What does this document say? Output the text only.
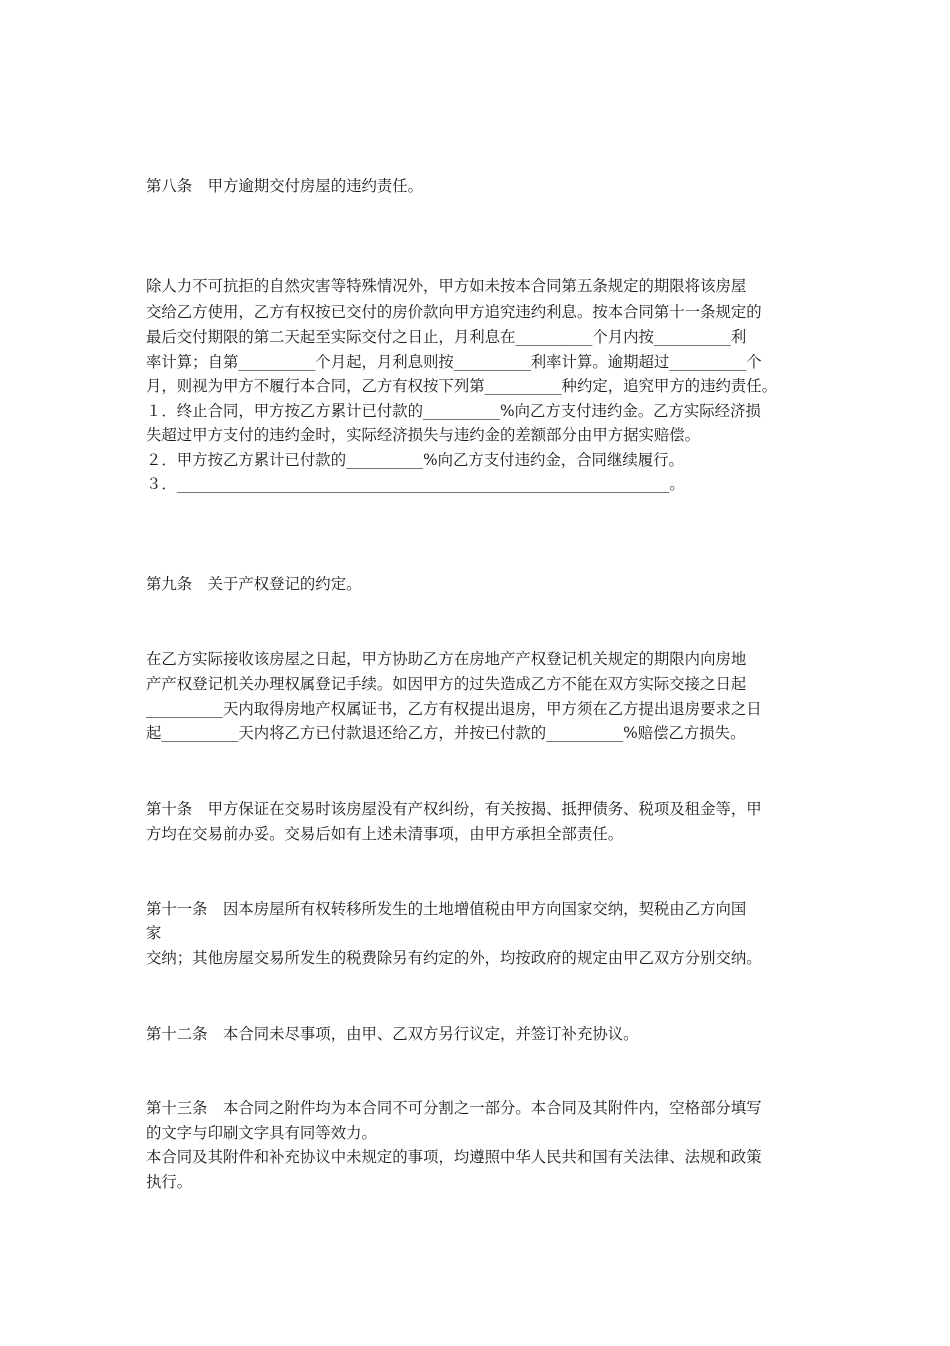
第八条　甲方逾期交付房屋的违约责任。
除人力不可抗拒的自然灾害等特殊情况外，甲方如未按本合同第五条规定的期限将该房屋
交给乙方使用，乙方有权按已交付的房价款向甲方追究违约利息。按本合同第十一条规定的
最后交付期限的第二天起至实际交付之日止，月利息在__________个月内按__________利
率计算；自第__________个月起，月利息则按__________利率计算。逾期超过__________个
月，则视为甲方不履行本合同，乙方有权按下列第__________种约定，追究甲方的违约责任。
１．终止合同，甲方按乙方累计已付款的__________%向乙方支付违约金。乙方实际经济损
失超过甲方支付的违约金时，实际经济损失与违约金的差额部分由甲方据实赔偿。
２．甲方按乙方累计已付款的__________%向乙方支付违约金，合同继续履行。
３．________________________________________________________________。
第九条　关于产权登记的约定。
在乙方实际接收该房屋之日起，甲方协助乙方在房地产产权登记机关规定的期限内向房地
产产权登记机关办理权属登记手续。如因甲方的过失造成乙方不能在双方实际交接之日起
__________天内取得房地产权属证书，乙方有权提出退房，甲方须在乙方提出退房要求之日
起__________天内将乙方已付款退还给乙方，并按已付款的__________%赔偿乙方损失。
第十条　甲方保证在交易时该房屋没有产权纠纷，有关按揭、抵押债务、税项及租金等，甲
方均在交易前办妥。交易后如有上述未清事项，由甲方承担全部责任。
第十一条　因本房屋所有权转移所发生的土地增值税由甲方向国家交纳，契税由乙方向国
家
交纳；其他房屋交易所发生的税费除另有约定的外，均按政府的规定由甲乙双方分别交纳。
第十二条　本合同未尽事项，由甲、乙双方另行议定，并签订补充协议。
第十三条　本合同之附件均为本合同不可分割之一部分。本合同及其附件内，空格部分填写
的文字与印刷文字具有同等效力。
本合同及其附件和补充协议中未规定的事项，均遵照中华人民共和国有关法律、法规和政策
执行。
